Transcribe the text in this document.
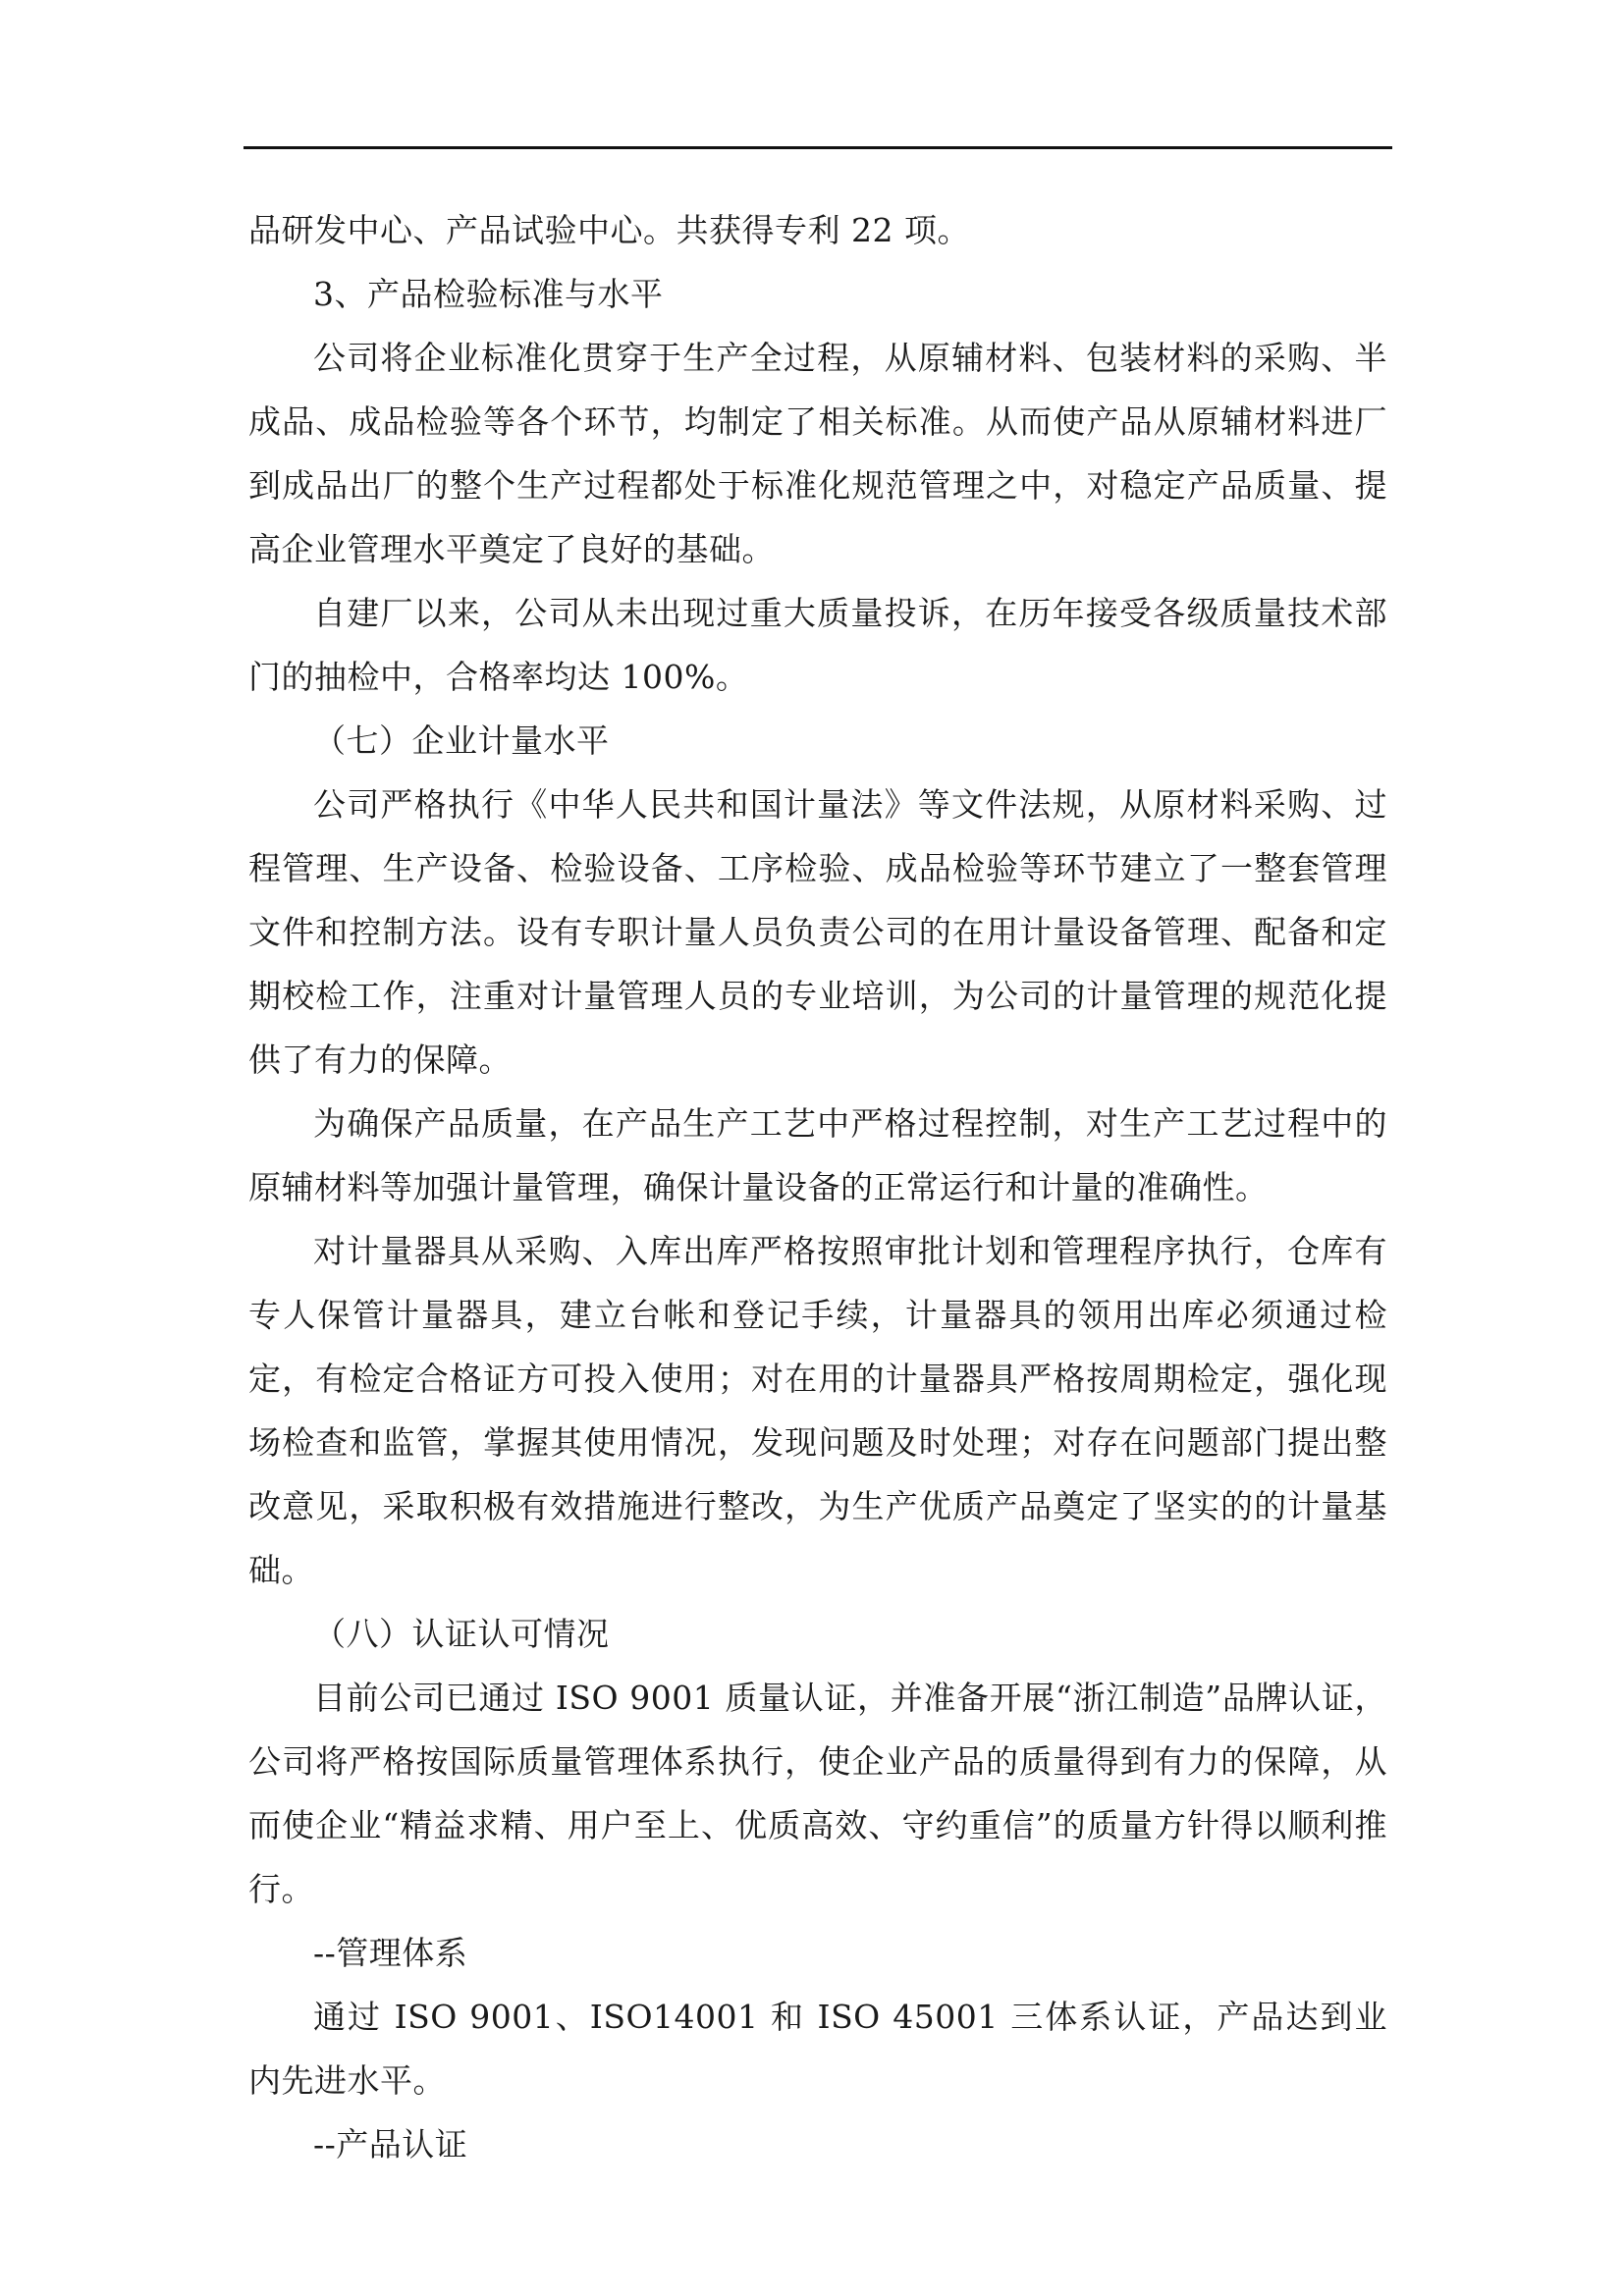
品研发中心、产品试验中心。共获得专利 22 项。

3、产品检验标准与水平

公司将企业标准化贯穿于生产全过程，从原辅材料、包装材料的采购、半成品、成品检验等各个环节，均制定了相关标准。从而使产品从原辅材料进厂到成品出厂的整个生产过程都处于标准化规范管理之中，对稳定产品质量、提高企业管理水平奠定了良好的基础。

自建厂以来，公司从未出现过重大质量投诉，在历年接受各级质量技术部门的抽检中，合格率均达 100%。

（七）企业计量水平

公司严格执行《中华人民共和国计量法》等文件法规，从原材料采购、过程管理、生产设备、检验设备、工序检验、成品检验等环节建立了一整套管理文件和控制方法。设有专职计量人员负责公司的在用计量设备管理、配备和定期校检工作，注重对计量管理人员的专业培训，为公司的计量管理的规范化提供了有力的保障。

为确保产品质量，在产品生产工艺中严格过程控制，对生产工艺过程中的原辅材料等加强计量管理，确保计量设备的正常运行和计量的准确性。

对计量器具从采购、入库出库严格按照审批计划和管理程序执行，仓库有专人保管计量器具，建立台帐和登记手续，计量器具的领用出库必须通过检定，有检定合格证方可投入使用；对在用的计量器具严格按周期检定，强化现场检查和监管，掌握其使用情况，发现问题及时处理；对存在问题部门提出整改意见，采取积极有效措施进行整改，为生产优质产品奠定了坚实的的计量基础。

（八）认证认可情况

目前公司已通过 ISO 9001 质量认证，并准备开展“浙江制造”品牌认证，公司将严格按国际质量管理体系执行，使企业产品的质量得到有力的保障，从而使企业“精益求精、用户至上、优质高效、守约重信”的质量方针得以顺利推行。

--管理体系

通过 ISO 9001、ISO14001 和 ISO 45001 三体系认证，产品达到业内先进水平。

--产品认证
